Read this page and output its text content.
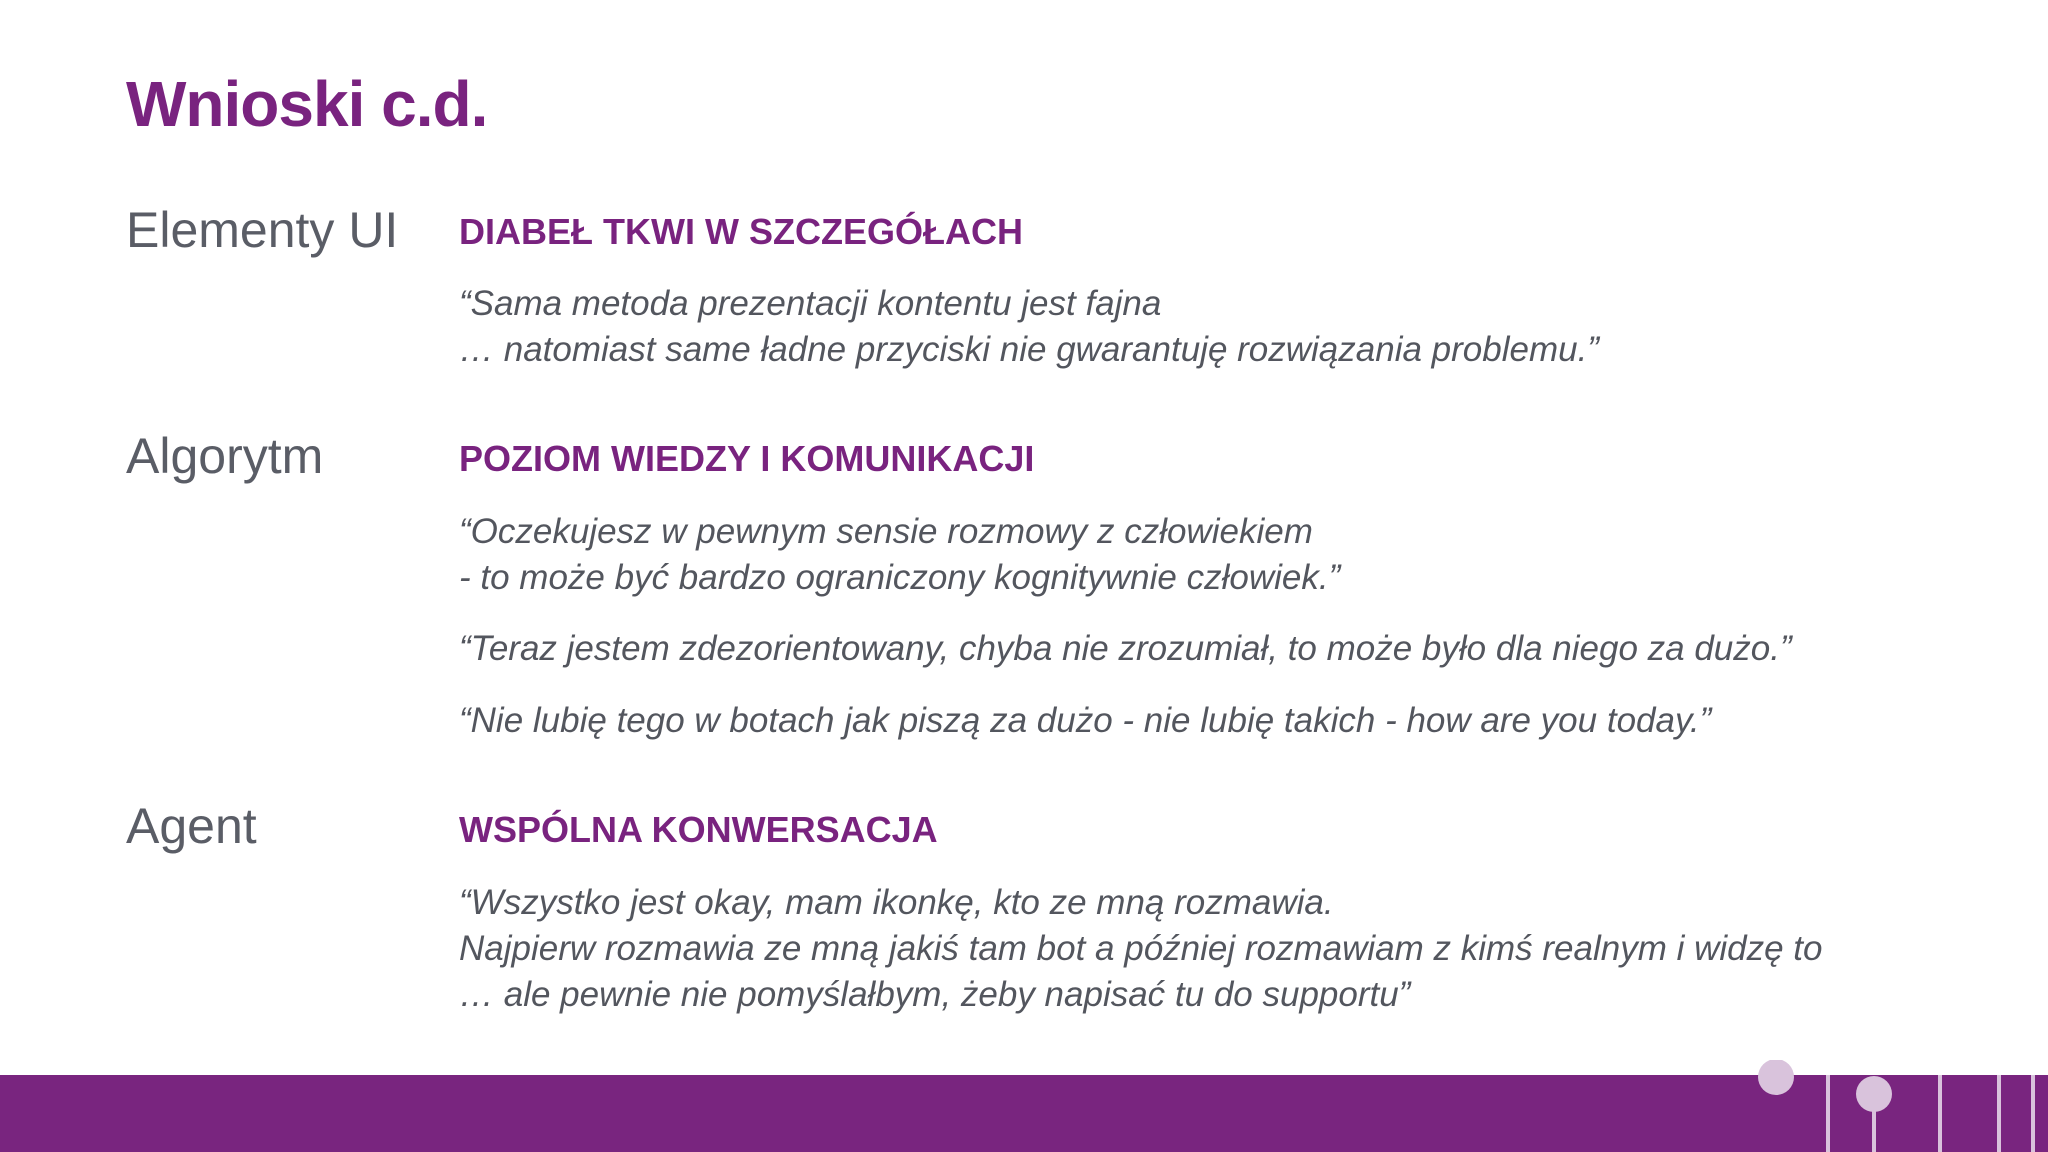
Wnioski c.d.
Elementy UI DIABEŁ TKWI W SZCZEGÓŁACH

“Sama metoda prezentacji kontentu jest fajna
… natomiast same ładne przyciski nie gwarantuję rozwiązania problemu.”

Algorytm	POZIOM WIEDZY I KOMUNIKACJI

“Oczekujesz w pewnym sensie rozmowy z człowiekiem
- to może być bardzo ograniczony kognitywnie człowiek.”

“Teraz jestem zdezorientowany, chyba nie zrozumiał, to może było dla niego za dużo.”

“Nie lubię tego w botach jak piszą za dużo - nie lubię takich - how are you today.”

Agent	WSPÓLNA KONWERSACJA

“Wszystko jest okay, mam ikonkę, kto ze mną rozmawia.
Najpierw rozmawia ze mną jakiś tam bot a później rozmawiam z kimś realnym i widzę to
… ale pewnie nie pomyślałbym, żeby napisać tu do supportu”
